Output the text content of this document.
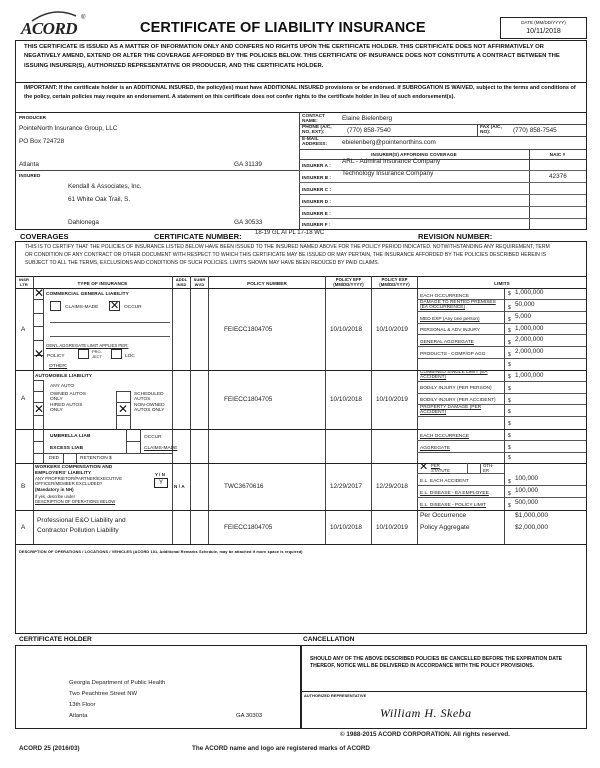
ACORD
®
CERTIFICATE OF LIABILITY INSURANCE	DATE (MM/DD/YYYY)
10/11/2018
THIS CERTIFICATE IS ISSUED AS A MATTER OF INFORMATION ONLY AND CONFERS NO RIGHTS UPON THE CERTIFICATE HOLDER. THIS CERTIFICATE DOES NOT AFFIRMATIVELY OR NEGATIVELY AMEND, EXTEND OR ALTER THE COVERAGE AFFORDED BY THE POLICIES BELOW. THIS CERTIFICATE OF INSURANCE DOES NOT CONSTITUTE A CONTRACT BETWEEN THE ISSUING INSURER(S), AUTHORIZED REPRESENTATIVE OR PRODUCER, AND THE CERTIFICATE HOLDER.
IMPORTANT: If the certificate holder is an ADDITIONAL INSURED, the policy(ies) must have ADDITIONAL INSURED provisions or be endorsed. If SUBROGATION IS WAIVED, subject to the terms and conditions of the policy, certain policies may require an endorsement. A statement on this certificate does not confer rights to the certificate holder in lieu of such endorsement(s).
PRODUCER
PointeNorth Insurance Group, LLC
PO Box 724728
Atlanta	GA 31139
INSURED
Kendall & Associates, Inc.
61 White Oak Trail, S.
Dahlonega	GA 30533
CONTACT NAME:	Elaine Bielenberg
PHONE (A/C, NO, EXT):	(770) 858-7540	FAX (A/C, NO):	(770) 858-7545
E-MAIL ADDRESS:	ebielenberg@pointenorthins.com
INSURER(S) AFFORDING COVERAGE	NAIC #
INSURER A :
ARL - Admiral Insurance Company
INSURER B :
Technology Insurance Company	42376
INSURER C :
INSURER D :
INSURER E :
INSURER F :
COVERAGES	CERTIFICATE NUMBER: 18-19 GL AI PL 17-18 WC	REVISION NUMBER:
THIS IS TO CERTIFY THAT THE POLICIES OF INSURANCE LISTED BELOW HAVE BEEN ISSUED TO THE INSURED NAMED ABOVE FOR THE POLICY PERIOD INDICATED. NOTWITHSTANDING ANY REQUIREMENT, TERM OR CONDITION OF ANY CONTRACT OR OTHER DOCUMENT WITH RESPECT TO WHICH THIS CERTIFICATE MAY BE ISSUED OR MAY PERTAIN, THE INSURANCE AFFORDED BY THE POLICIES DESCRIBED HEREIN IS SUBJECT TO ALL THE TERMS, EXCLUSIONS AND CONDITIONS OF SUCH POLICIES. LIMITS SHOWN MAY HAVE BEEN REDUCED BY PAID CLAIMS.
INSR LTR	TYPE OF INSURANCE
ADDL INSD
SUBR WVD	POLICY NUMBER
POLICY EFF (MM/DD/YYYY)
POLICY EXP (MM/DD/YYYY)	LIMITS
A
✕ COMMERCIAL GENERAL LIABILITY
CLAIMS-MADE ✕ OCCUR
GEN'L AGGREGATE LIMIT APPLIES PER:
✕ POLICY
PRO-JECT	LOC
OTHER:
FEIECC1804705	10/10/2018 10/10/2019
EACH OCCURRENCE	$ 1,000,000
DAMAGE TO RENTED PREMISES (EA OCCURRENCE)	$ 50,000
MED EXP (Any one person)	$ 5,000
PERSONAL & ADV INJURY	$ 1,000,000
GENERAL AGGREGATE	$ 2,000,000
PRODUCTS - COMP/OP AGG	$ 2,000,000
$
A
AUTOMOBILE LIABILITY
ANY AUTO
OWNED AUTOS ONLY
✕ HIRED AUTOS ONLY
SCHEDULED AUTOS
✕ NON-OWNED AUTOS ONLY
FEIECC1804705	10/10/2018 10/10/2019
COMBINED SINGLE LIMIT (EA ACCIDENT)	$ 1,000,000
BODILY INJURY (PER PERSON)	$
BODILY INJURY (PER ACCIDENT) $
PROPERTY DAMAGE (PER ACCIDENT)	$
$
UMBRELLA LIAB
EXCESS LIAB
OCCUR
CLAIMS-MADE
DED	RETENTION $
EACH OCCURRENCE	$
AGGREGATE	$
$
B
WORKERS COMPENSATION AND EMPLOYERS' LIABILITY	Y / N
ANY PROPRIETOR/PARTNER/EXECUTIVE OFFICER/MEMBER EXCLUDED?	Y
(Mandatory in NH)
If yes, describe under
DESCRIPTION OF OPERATIONS BELOW
N / A	TWC3670616	12/29/2017 12/29/2018
✕ PER STATUTE
OTH-ER
E.L. EACH ACCIDENT	$ 100,000
E.L. DISEASE - EA EMPLOYEE	$ 100,000
E.L. DISEASE - POLICY LIMIT	$ 500,000
A
Professional E&O Liability and
Contractor Pollution Liability	FEIECC1804705	10/10/2018 10/10/2019
Per Occurrence	$1,000,000
Policy Aggregate	$2,000,000
DESCRIPTION OF OPERATIONS / LOCATIONS / VEHICLES (ACORD 101, Additional Remarks Schedule, may be attached if more space is required)
CERTIFICATE HOLDER
Georgia Department of Public Health
Two Peachtree Street NW
13th Floor
Atlanta	GA 30303
CANCELLATION
SHOULD ANY OF THE ABOVE DESCRIBED POLICIES BE CANCELLED BEFORE THE EXPIRATION DATE THEREOF, NOTICE WILL BE DELIVERED IN ACCORDANCE WITH THE POLICY PROVISIONS.
AUTHORIZED REPRESENTATIVE
William H. Skeba
© 1988-2015 ACORD CORPORATION. All rights reserved.
ACORD 25 (2016/03)	The ACORD name and logo are registered marks of ACORD
